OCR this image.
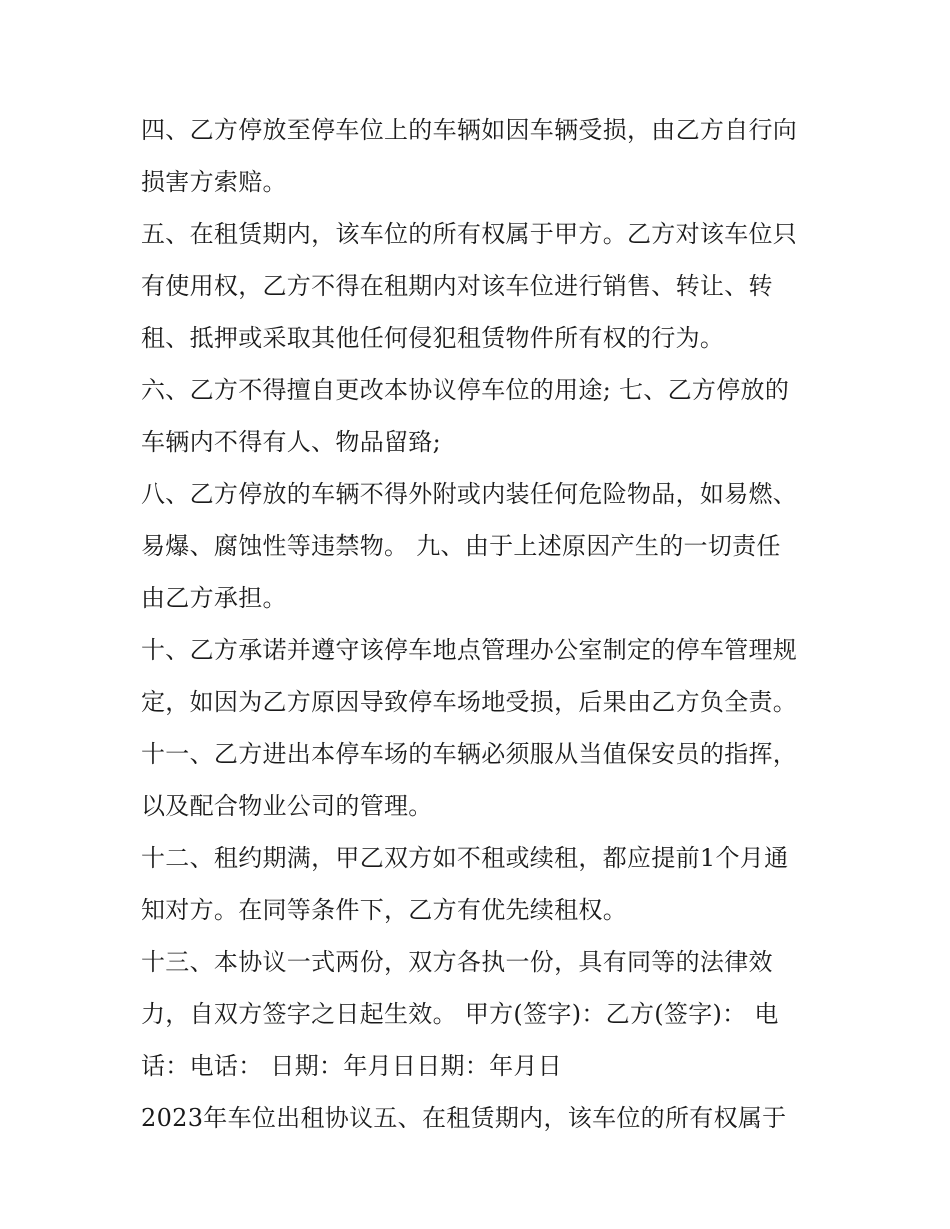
四、乙方停放至停车位上的车辆如因车辆受损，由乙方自行向
损害方索赔。
五、在租赁期内，该车位的所有权属于甲方。乙方对该车位只
有使用权，乙方不得在租期内对该车位进行销售、转让、转
租、抵押或采取其他任何侵犯租赁物件所有权的行为。
六、乙方不得擅自更改本协议停车位的用途; 七、乙方停放的
车辆内不得有人、物品留臵;
八、乙方停放的车辆不得外附或内装任何危险物品，如易燃、
易爆、腐蚀性等违禁物。 九、由于上述原因产生的一切责任
由乙方承担。
十、乙方承诺并遵守该停车地点管理办公室制定的停车管理规
定，如因为乙方原因导致停车场地受损，后果由乙方负全责。
十一、乙方进出本停车场的车辆必须服从当值保安员的指挥，
以及配合物业公司的管理。
十二、租约期满，甲乙双方如不租或续租，都应提前1个月通
知对方。在同等条件下，乙方有优先续租权。
十三、本协议一式两份，双方各执一份，具有同等的法律效
力，自双方签字之日起生效。 甲方(签字)：乙方(签字)： 电
话：电话： 日期：年月日日期：年月日
2023年车位出租协议五、在租赁期内，该车位的所有权属于
